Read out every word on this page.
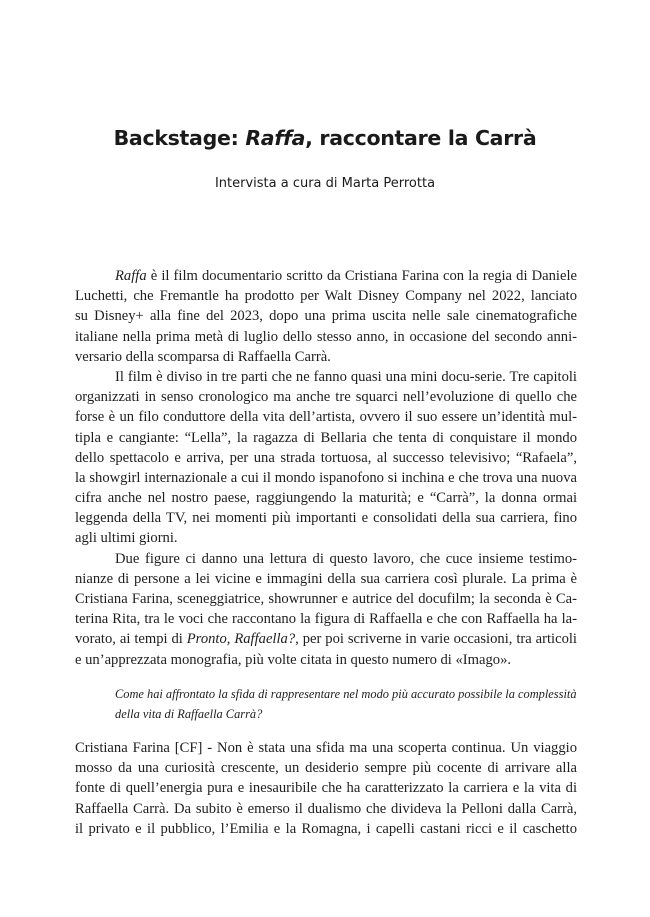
Backstage: Raffa, raccontare la Carrà
Intervista a cura di Marta Perrotta
Raffa è il film documentario scritto da Cristiana Farina con la regia di Daniele
Luchetti, che Fremantle ha prodotto per Walt Disney Company nel 2022, lanciato
su Disney+ alla fine del 2023, dopo una prima uscita nelle sale cinematografiche
italiane nella prima metà di luglio dello stesso anno, in occasione del secondo anni-
versario della scomparsa di Raffaella Carrà.
Il film è diviso in tre parti che ne fanno quasi una mini docu-serie. Tre capitoli
organizzati in senso cronologico ma anche tre squarci nell’evoluzione di quello che
forse è un filo conduttore della vita dell’artista, ovvero il suo essere un’identità mul-
tipla e cangiante: “Lella”, la ragazza di Bellaria che tenta di conquistare il mondo
dello spettacolo e arriva, per una strada tortuosa, al successo televisivo; “Rafaela”,
la showgirl internazionale a cui il mondo ispanofono si inchina e che trova una nuova
cifra anche nel nostro paese, raggiungendo la maturità; e “Carrà”, la donna ormai
leggenda della TV, nei momenti più importanti e consolidati della sua carriera, fino
agli ultimi giorni.
Due figure ci danno una lettura di questo lavoro, che cuce insieme testimo-
nianze di persone a lei vicine e immagini della sua carriera così plurale. La prima è
Cristiana Farina, sceneggiatrice, showrunner e autrice del docufilm; la seconda è Ca-
terina Rita, tra le voci che raccontano la figura di Raffaella e che con Raffaella ha la-
vorato, ai tempi di Pronto, Raffaella?, per poi scriverne in varie occasioni, tra articoli
e un’apprezzata monografia, più volte citata in questo numero di «Imago».
Come hai affrontato la sfida di rappresentare nel modo più accurato possibile la complessità
della vita di Raffaella Carrà?
Cristiana Farina [CF] - Non è stata una sfida ma una scoperta continua. Un viaggio
mosso da una curiosità crescente, un desiderio sempre più cocente di arrivare alla
fonte di quell’energia pura e inesauribile che ha caratterizzato la carriera e la vita di
Raffaella Carrà. Da subito è emerso il dualismo che divideva la Pelloni dalla Carrà,
il privato e il pubblico, l’Emilia e la Romagna, i capelli castani ricci e il caschetto
